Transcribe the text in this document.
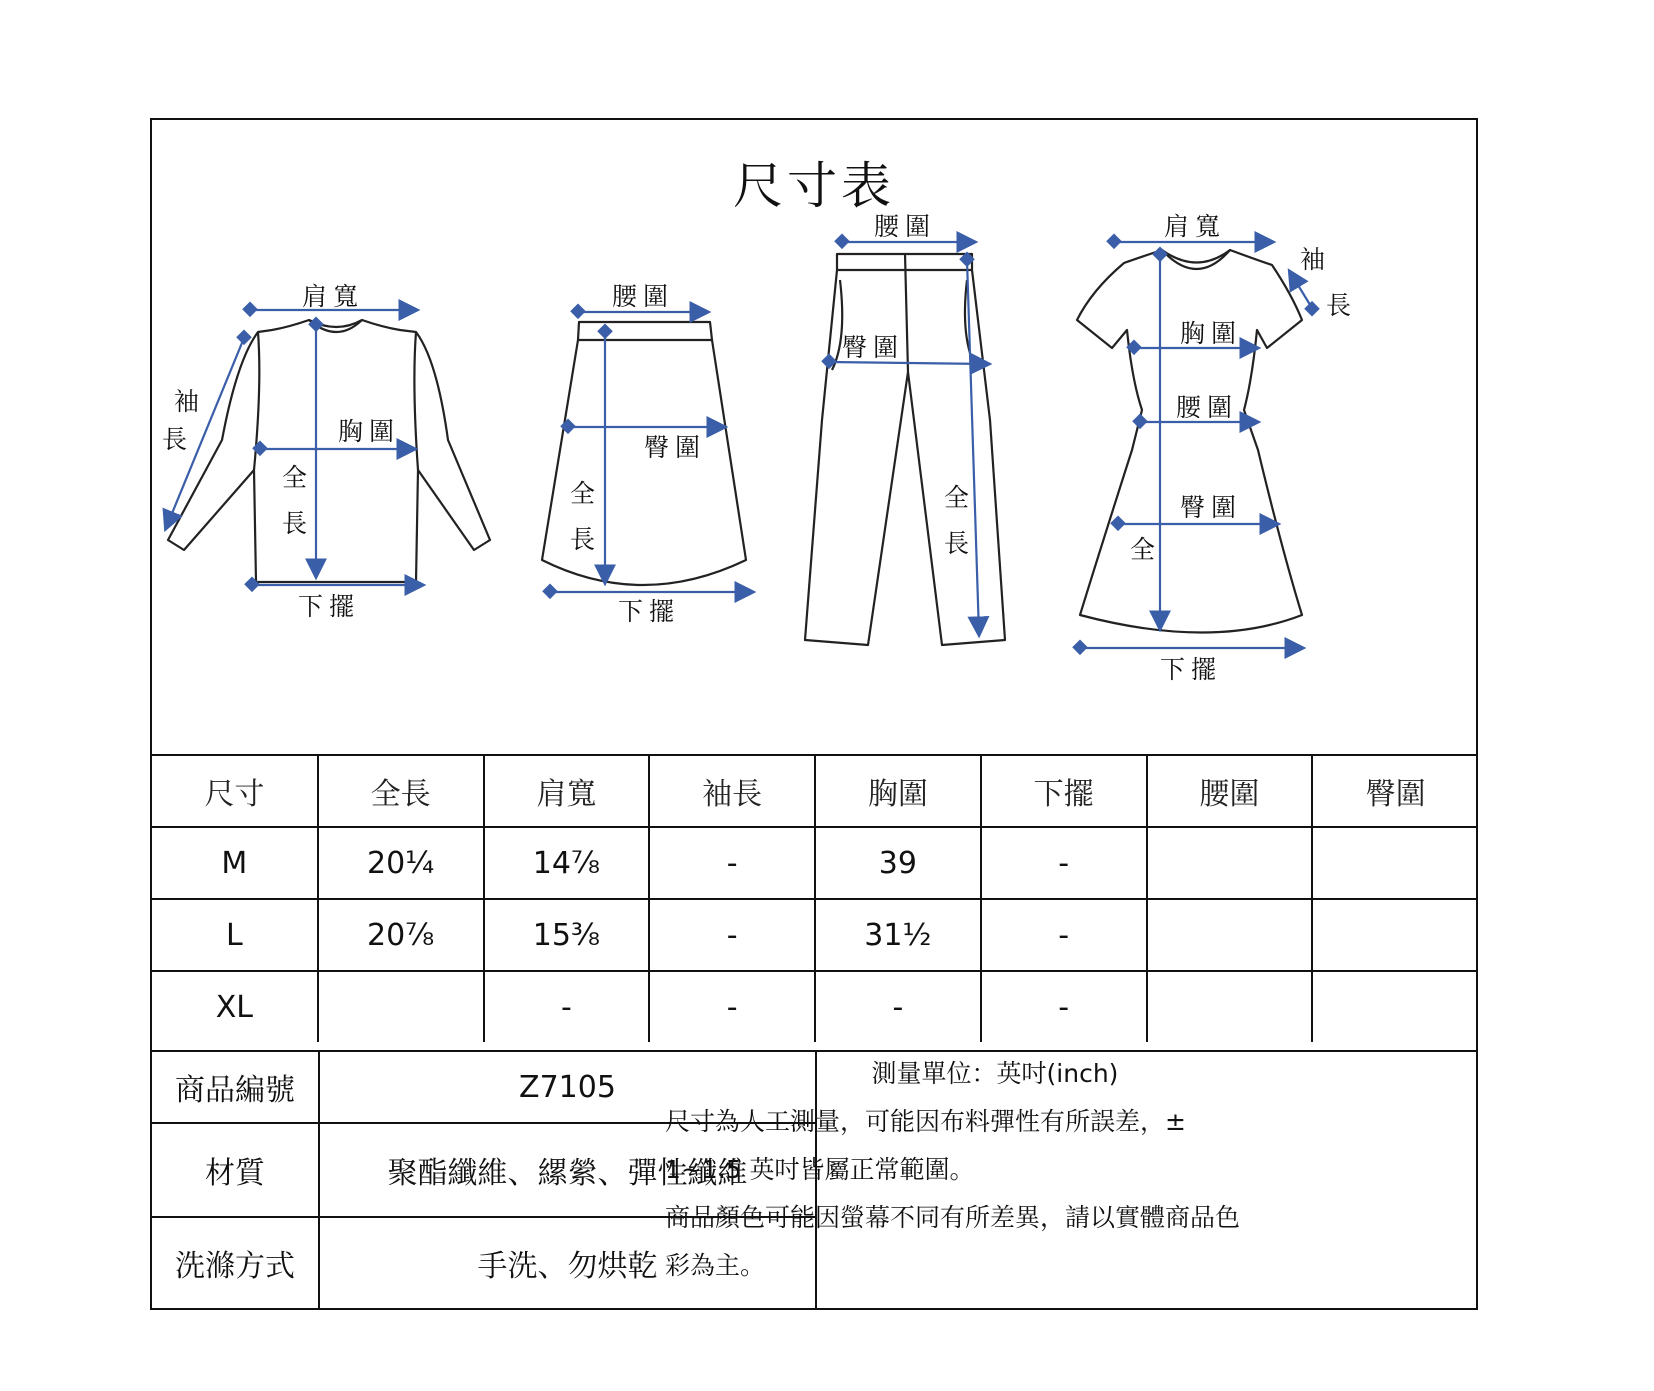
尺寸表
肩寬
袖
長	胸圍
全
長
下擺
腰圍
臀圍
全
長
下擺
腰圍
臀圍
全
長
肩寬
袖
長
胸圍
腰圍
臀圍
全
下擺
尺寸	全長	肩寬	袖長	胸圍	下擺	腰圍	臀圍
M	20¼	14⅞	-	39	-		
L	20⅞	15⅜	-	31½	-		
XL		-	-	-	-		
商品編號	Z7105
材質	聚酯纖維、縲縈、彈性纖維
洗滌方式	手洗、勿烘乾
測量單位：英吋(inch)
尺寸為人工測量，可能因布料彈性有所誤差，±
1~1.5 英吋皆屬正常範圍。
商品顏色可能因螢幕不同有所差異，請以實體商品色
彩為主。
